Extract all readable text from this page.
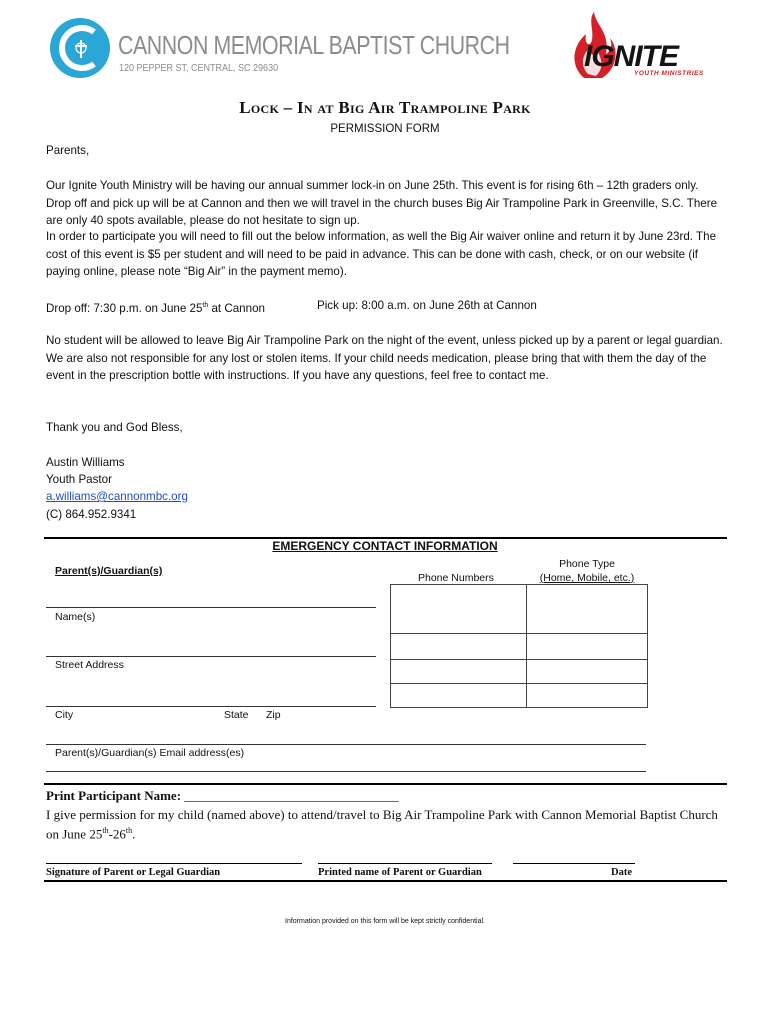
CANNON MEMORIAL BAPTIST CHURCH
120 PEPPER ST, CENTRAL, SC 29630	IGNITE
YOUTH MINISTRIES
Lock – In at Big Air Trampoline Park
PERMISSION FORM
Parents,
Our Ignite Youth Ministry will be having our annual summer lock-in on June 25th. This event is for rising 6th – 12th graders only. Drop off and pick up will be at Cannon and then we will travel in the church buses Big Air Trampoline Park in Greenville, S.C. There are only 40 spots available, please do not hesitate to sign up.
In order to participate you will need to fill out the below information, as well the Big Air waiver online and return it by June 23rd. The cost of this event is $5 per student and will need to be paid in advance. This can be done with cash, check, or on our website (if paying online, please note “Big Air” in the payment memo).
Drop off: 7:30 p.m. on June 25th at Cannon	Pick up: 8:00 a.m. on June 26th at Cannon
No student will be allowed to leave Big Air Trampoline Park on the night of the event, unless picked up by a parent or legal guardian. We are also not responsible for any lost or stolen items. If your child needs medication, please bring that with them the day of the event in the prescription bottle with instructions. If you have any questions, feel free to contact me.
Thank you and God Bless,
Austin Williams
Youth Pastor
a.williams@cannonmbc.org
(C) 864.952.9341
EMERGENCY CONTACT INFORMATION
Parent(s)/Guardian(s)
Phone Numbers
Phone Type
(Home, Mobile, etc.)
Name(s)
Street Address
City	State Zip
Parent(s)/Guardian(s) Email address(es)
Print Participant Name: _________________________________
I give permission for my child (named above) to attend/travel to Big Air Trampoline Park with Cannon Memorial Baptist Church on June 25th-26th.
Signature of Parent or Legal Guardian	Printed name of Parent or Guardian	Date
Information provided on this form will be kept strictly confidential.
